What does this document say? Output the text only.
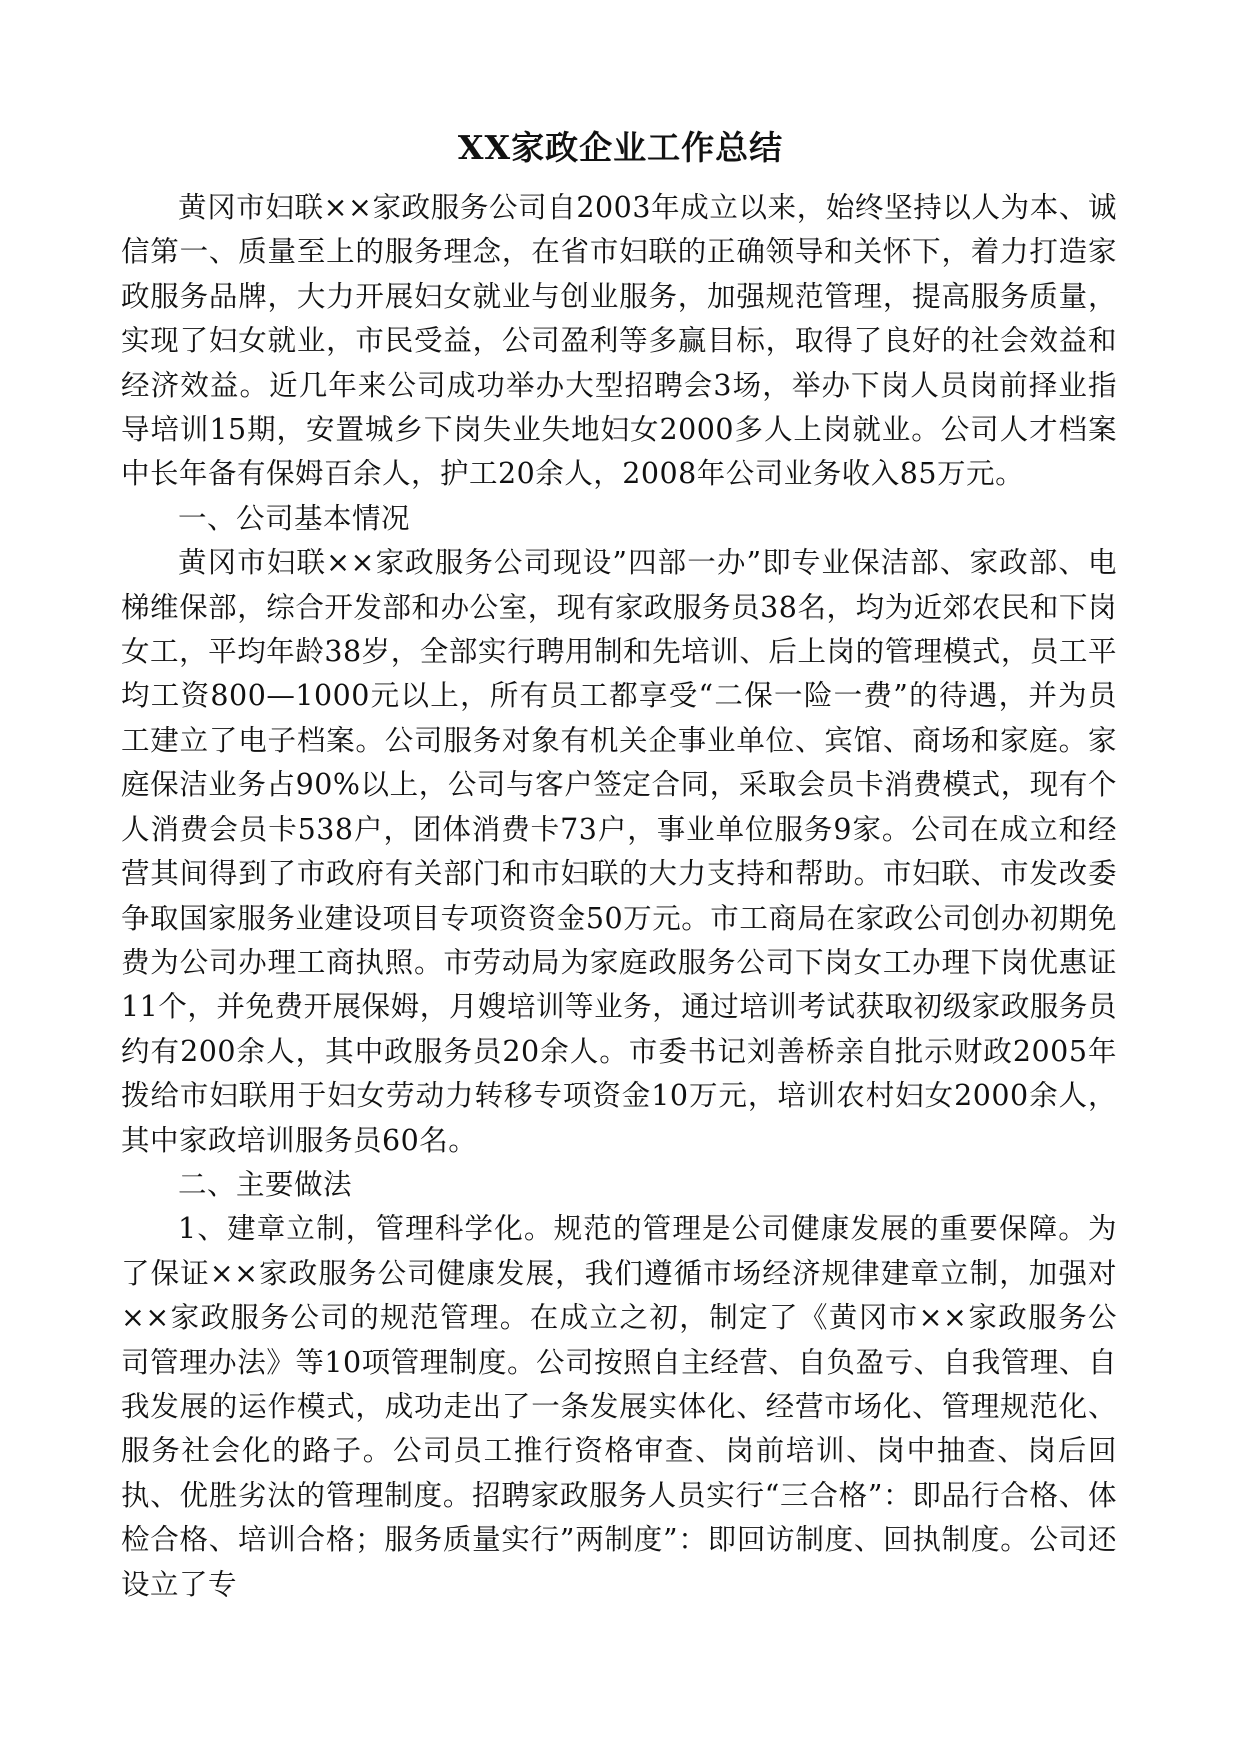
XX家政企业工作总结

黄冈市妇联××家政服务公司自2003年成立以来，始终坚持以人为本、诚信第一、质量至上的服务理念，在省市妇联的正确领导和关怀下，着力打造家政服务品牌，大力开展妇女就业与创业服务，加强规范管理，提高服务质量，实现了妇女就业，市民受益，公司盈利等多赢目标，取得了良好的社会效益和经济效益。近几年来公司成功举办大型招聘会3场，举办下岗人员岗前择业指导培训15期，安置城乡下岗失业失地妇女2000多人上岗就业。公司人才档案中长年备有保姆百余人，护工20余人，2008年公司业务收入85万元。

一、公司基本情况

黄冈市妇联××家政服务公司现设”四部一办”即专业保洁部、家政部、电梯维保部，综合开发部和办公室，现有家政服务员38名，均为近郊农民和下岗女工，平均年龄38岁，全部实行聘用制和先培训、后上岗的管理模式，员工平均工资800—1000元以上，所有员工都享受“二保一险一费”的待遇，并为员工建立了电子档案。公司服务对象有机关企事业单位、宾馆、商场和家庭。家庭保洁业务占90%以上，公司与客户签定合同，采取会员卡消费模式，现有个人消费会员卡538户，团体消费卡73户，事业单位服务9家。公司在成立和经营其间得到了市政府有关部门和市妇联的大力支持和帮助。市妇联、市发改委争取国家服务业建设项目专项资资金50万元。市工商局在家政公司创办初期免费为公司办理工商执照。市劳动局为家庭政服务公司下岗女工办理下岗优惠证11个，并免费开展保姆，月嫂培训等业务，通过培训考试获取初级家政服务员约有200余人，其中政服务员20余人。市委书记刘善桥亲自批示财政2005年拨给市妇联用于妇女劳动力转移专项资金10万元，培训农村妇女2000余人，其中家政培训服务员60名。

二、主要做法

1、建章立制，管理科学化。规范的管理是公司健康发展的重要保障。为了保证××家政服务公司健康发展，我们遵循市场经济规律建章立制，加强对××家政服务公司的规范管理。在成立之初，制定了《黄冈市××家政服务公司管理办法》等10项管理制度。公司按照自主经营、自负盈亏、自我管理、自我发展的运作模式，成功走出了一条发展实体化、经营市场化、管理规范化、服务社会化的路子。公司员工推行资格审查、岗前培训、岗中抽查、岗后回执、优胜劣汰的管理制度。招聘家政服务人员实行“三合格”：即品行合格、体检合格、培训合格；服务质量实行”两制度”：即回访制度、回执制度。公司还设立了专
